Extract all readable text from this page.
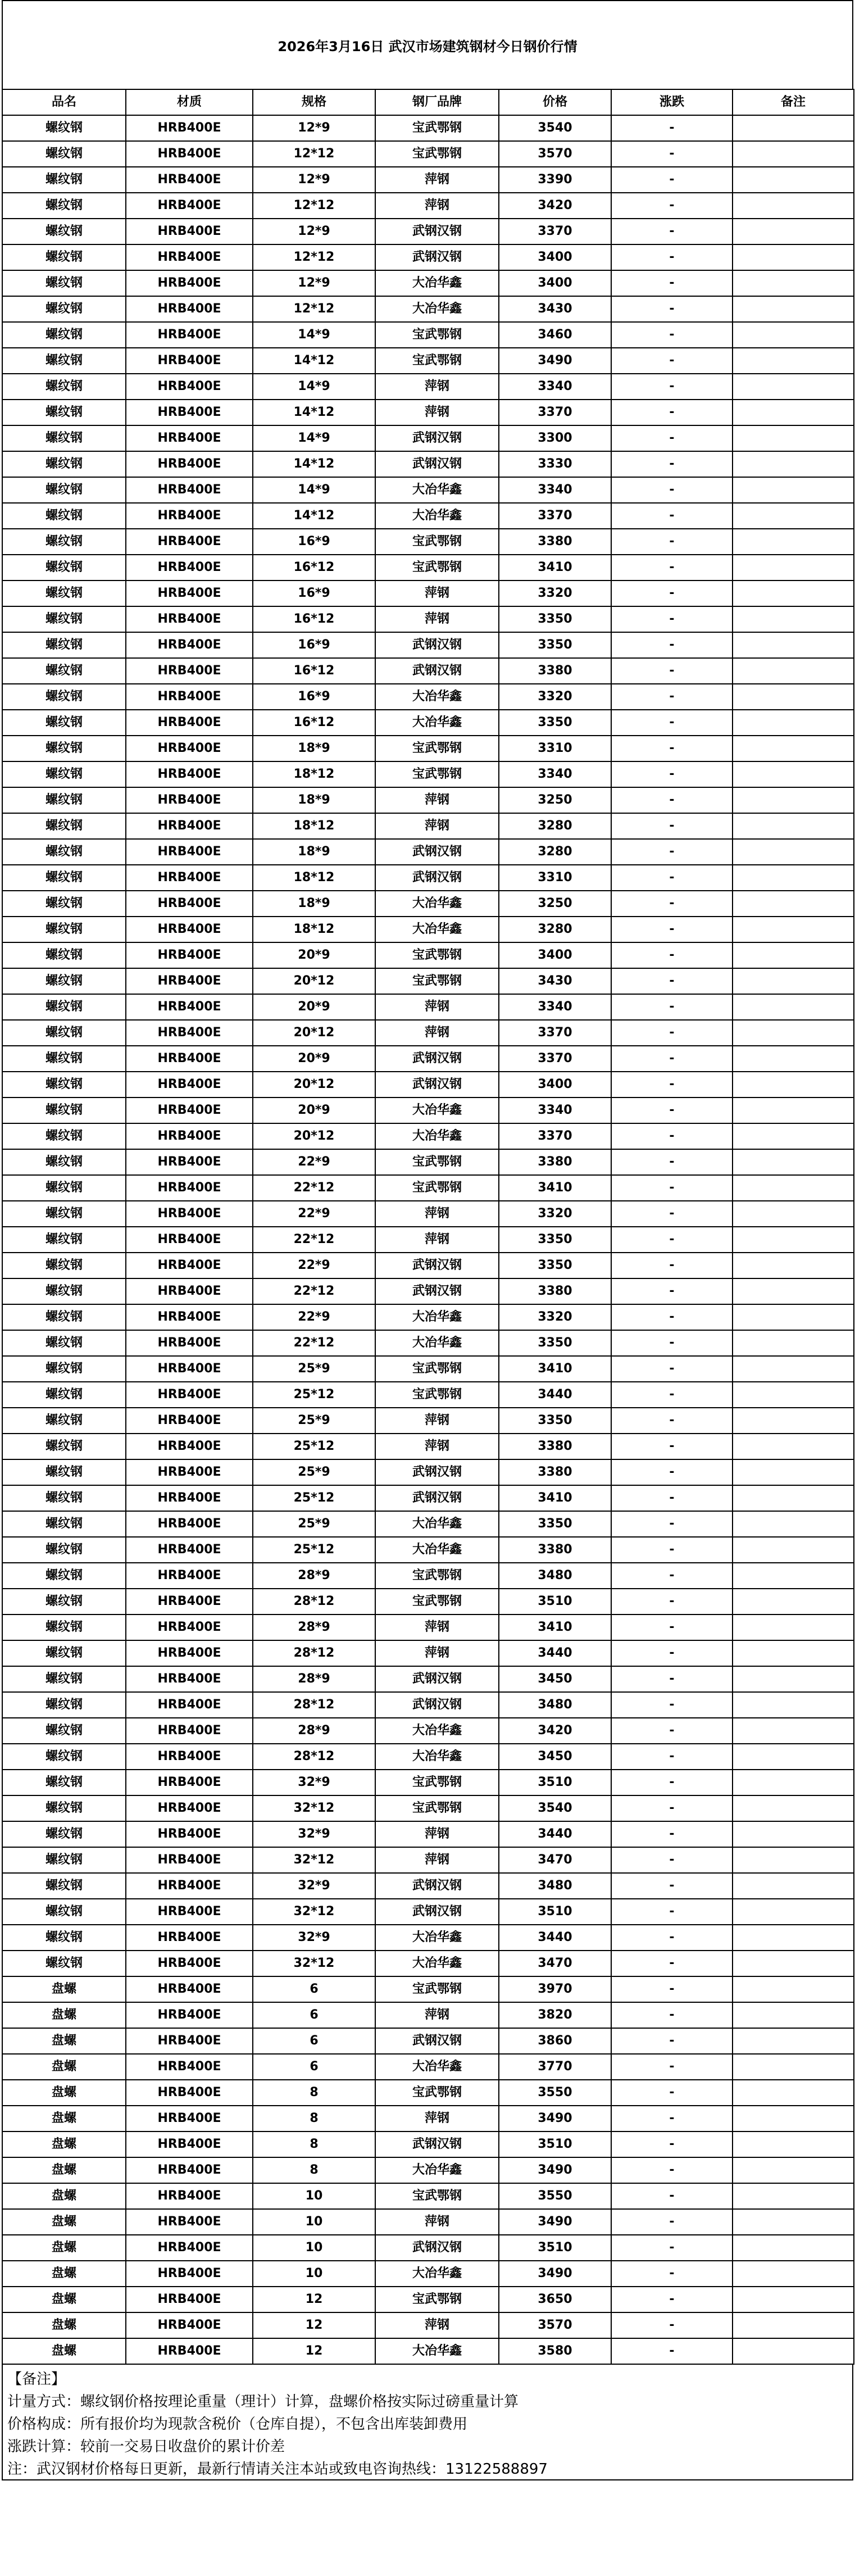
2026年3月16日 武汉市场建筑钢材今日钢价行情
品名	材质	规格	钢厂品牌	价格	涨跌	备注
螺纹钢	HRB400E	12*9	宝武鄂钢	3540	-	
螺纹钢	HRB400E	12*12	宝武鄂钢	3570	-	
螺纹钢	HRB400E	12*9	萍钢	3390	-	
螺纹钢	HRB400E	12*12	萍钢	3420	-	
螺纹钢	HRB400E	12*9	武钢汉钢	3370	-	
螺纹钢	HRB400E	12*12	武钢汉钢	3400	-	
螺纹钢	HRB400E	12*9	大冶华鑫	3400	-	
螺纹钢	HRB400E	12*12	大冶华鑫	3430	-	
螺纹钢	HRB400E	14*9	宝武鄂钢	3460	-	
螺纹钢	HRB400E	14*12	宝武鄂钢	3490	-	
螺纹钢	HRB400E	14*9	萍钢	3340	-	
螺纹钢	HRB400E	14*12	萍钢	3370	-	
螺纹钢	HRB400E	14*9	武钢汉钢	3300	-	
螺纹钢	HRB400E	14*12	武钢汉钢	3330	-	
螺纹钢	HRB400E	14*9	大冶华鑫	3340	-	
螺纹钢	HRB400E	14*12	大冶华鑫	3370	-	
螺纹钢	HRB400E	16*9	宝武鄂钢	3380	-	
螺纹钢	HRB400E	16*12	宝武鄂钢	3410	-	
螺纹钢	HRB400E	16*9	萍钢	3320	-	
螺纹钢	HRB400E	16*12	萍钢	3350	-	
螺纹钢	HRB400E	16*9	武钢汉钢	3350	-	
螺纹钢	HRB400E	16*12	武钢汉钢	3380	-	
螺纹钢	HRB400E	16*9	大冶华鑫	3320	-	
螺纹钢	HRB400E	16*12	大冶华鑫	3350	-	
螺纹钢	HRB400E	18*9	宝武鄂钢	3310	-	
螺纹钢	HRB400E	18*12	宝武鄂钢	3340	-	
螺纹钢	HRB400E	18*9	萍钢	3250	-	
螺纹钢	HRB400E	18*12	萍钢	3280	-	
螺纹钢	HRB400E	18*9	武钢汉钢	3280	-	
螺纹钢	HRB400E	18*12	武钢汉钢	3310	-	
螺纹钢	HRB400E	18*9	大冶华鑫	3250	-	
螺纹钢	HRB400E	18*12	大冶华鑫	3280	-	
螺纹钢	HRB400E	20*9	宝武鄂钢	3400	-	
螺纹钢	HRB400E	20*12	宝武鄂钢	3430	-	
螺纹钢	HRB400E	20*9	萍钢	3340	-	
螺纹钢	HRB400E	20*12	萍钢	3370	-	
螺纹钢	HRB400E	20*9	武钢汉钢	3370	-	
螺纹钢	HRB400E	20*12	武钢汉钢	3400	-	
螺纹钢	HRB400E	20*9	大冶华鑫	3340	-	
螺纹钢	HRB400E	20*12	大冶华鑫	3370	-	
螺纹钢	HRB400E	22*9	宝武鄂钢	3380	-	
螺纹钢	HRB400E	22*12	宝武鄂钢	3410	-	
螺纹钢	HRB400E	22*9	萍钢	3320	-	
螺纹钢	HRB400E	22*12	萍钢	3350	-	
螺纹钢	HRB400E	22*9	武钢汉钢	3350	-	
螺纹钢	HRB400E	22*12	武钢汉钢	3380	-	
螺纹钢	HRB400E	22*9	大冶华鑫	3320	-	
螺纹钢	HRB400E	22*12	大冶华鑫	3350	-	
螺纹钢	HRB400E	25*9	宝武鄂钢	3410	-	
螺纹钢	HRB400E	25*12	宝武鄂钢	3440	-	
螺纹钢	HRB400E	25*9	萍钢	3350	-	
螺纹钢	HRB400E	25*12	萍钢	3380	-	
螺纹钢	HRB400E	25*9	武钢汉钢	3380	-	
螺纹钢	HRB400E	25*12	武钢汉钢	3410	-	
螺纹钢	HRB400E	25*9	大冶华鑫	3350	-	
螺纹钢	HRB400E	25*12	大冶华鑫	3380	-	
螺纹钢	HRB400E	28*9	宝武鄂钢	3480	-	
螺纹钢	HRB400E	28*12	宝武鄂钢	3510	-	
螺纹钢	HRB400E	28*9	萍钢	3410	-	
螺纹钢	HRB400E	28*12	萍钢	3440	-	
螺纹钢	HRB400E	28*9	武钢汉钢	3450	-	
螺纹钢	HRB400E	28*12	武钢汉钢	3480	-	
螺纹钢	HRB400E	28*9	大冶华鑫	3420	-	
螺纹钢	HRB400E	28*12	大冶华鑫	3450	-	
螺纹钢	HRB400E	32*9	宝武鄂钢	3510	-	
螺纹钢	HRB400E	32*12	宝武鄂钢	3540	-	
螺纹钢	HRB400E	32*9	萍钢	3440	-	
螺纹钢	HRB400E	32*12	萍钢	3470	-	
螺纹钢	HRB400E	32*9	武钢汉钢	3480	-	
螺纹钢	HRB400E	32*12	武钢汉钢	3510	-	
螺纹钢	HRB400E	32*9	大冶华鑫	3440	-	
螺纹钢	HRB400E	32*12	大冶华鑫	3470	-	
盘螺	HRB400E	6	宝武鄂钢	3970	-	
盘螺	HRB400E	6	萍钢	3820	-	
盘螺	HRB400E	6	武钢汉钢	3860	-	
盘螺	HRB400E	6	大冶华鑫	3770	-	
盘螺	HRB400E	8	宝武鄂钢	3550	-	
盘螺	HRB400E	8	萍钢	3490	-	
盘螺	HRB400E	8	武钢汉钢	3510	-	
盘螺	HRB400E	8	大冶华鑫	3490	-	
盘螺	HRB400E	10	宝武鄂钢	3550	-	
盘螺	HRB400E	10	萍钢	3490	-	
盘螺	HRB400E	10	武钢汉钢	3510	-	
盘螺	HRB400E	10	大冶华鑫	3490	-	
盘螺	HRB400E	12	宝武鄂钢	3650	-	
盘螺	HRB400E	12	萍钢	3570	-	
盘螺	HRB400E	12	大冶华鑫	3580	-	
【备注】
计量方式：螺纹钢价格按理论重量（理计）计算，盘螺价格按实际过磅重量计算
价格构成：所有报价均为现款含税价（仓库自提），不包含出库装卸费用
涨跌计算：较前一交易日收盘价的累计价差
注：武汉钢材价格每日更新，最新行情请关注本站或致电咨询热线：13122588897
